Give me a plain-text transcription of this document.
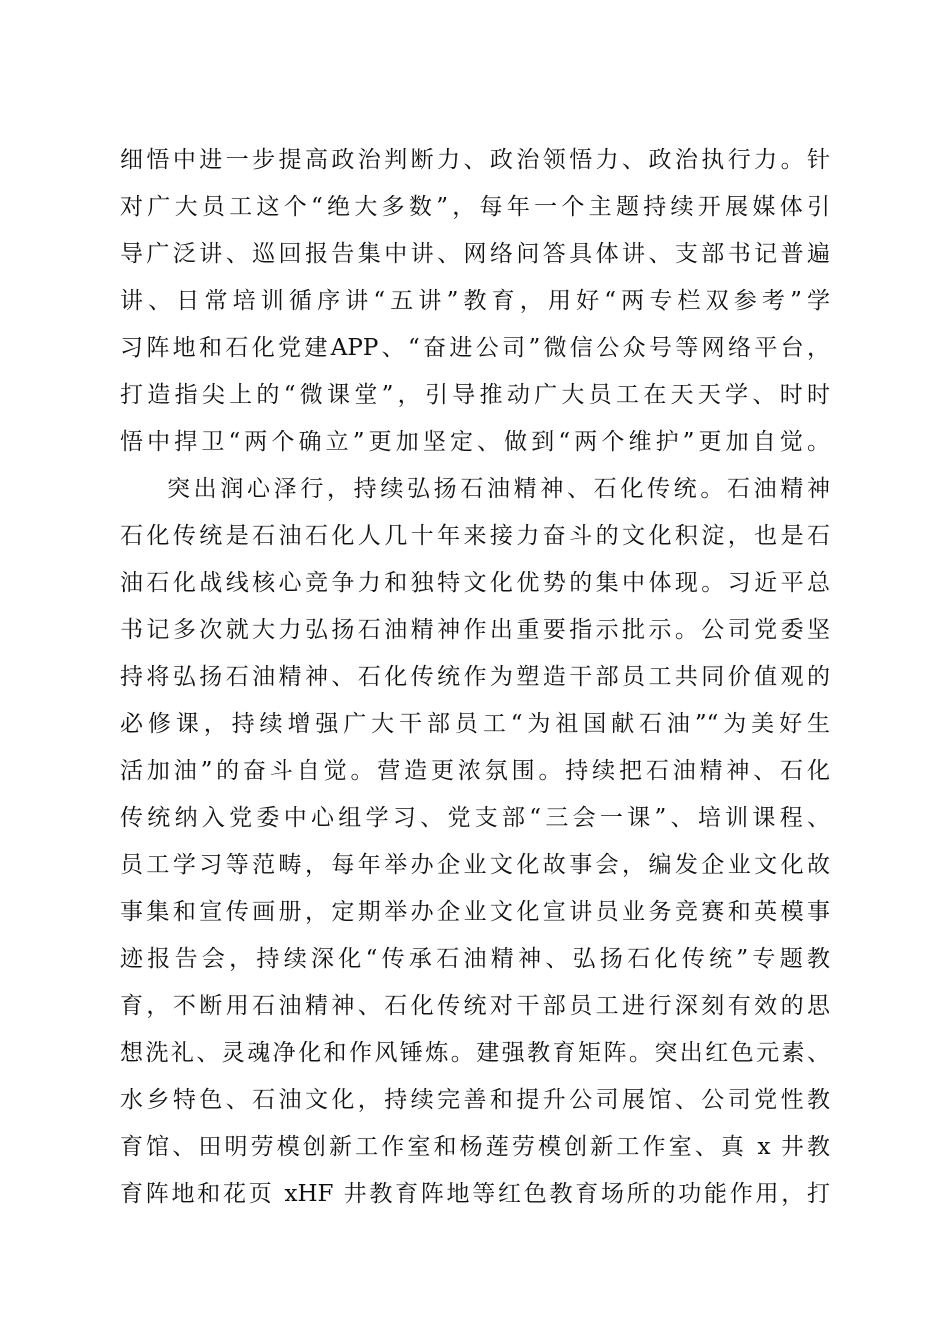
细悟中进一步提高政治判断力、政治领悟力、政治执行力。针
对广大员工这个“绝大多数”，每年一个主题持续开展媒体引
导广泛讲、巡回报告集中讲、网络问答具体讲、支部书记普遍
讲、日常培训循序讲“五讲”教育，用好“两专栏双参考”学
习阵地和石化党建APP、“奋进公司”微信公众号等网络平台，
打造指尖上的“微课堂”，引导推动广大员工在天天学、时时
悟中捍卫“两个确立”更加坚定、做到“两个维护”更加自觉。
突出润心泽行，持续弘扬石油精神、石化传统。石油精神
石化传统是石油石化人几十年来接力奋斗的文化积淀，也是石
油石化战线核心竞争力和独特文化优势的集中体现。习近平总
书记多次就大力弘扬石油精神作出重要指示批示。公司党委坚
持将弘扬石油精神、石化传统作为塑造干部员工共同价值观的
必修课，持续增强广大干部员工“为祖国献石油”“为美好生
活加油”的奋斗自觉。营造更浓氛围。持续把石油精神、石化
传统纳入党委中心组学习、党支部“三会一课”、培训课程、
员工学习等范畴，每年举办企业文化故事会，编发企业文化故
事集和宣传画册，定期举办企业文化宣讲员业务竞赛和英模事
迹报告会，持续深化“传承石油精神、弘扬石化传统”专题教
育，不断用石油精神、石化传统对干部员工进行深刻有效的思
想洗礼、灵魂净化和作风锤炼。建强教育矩阵。突出红色元素、
水乡特色、石油文化，持续完善和提升公司展馆、公司党性教
育馆、田明劳模创新工作室和杨莲劳模创新工作室、真 x 井教
育阵地和花页 xHF 井教育阵地等红色教育场所的功能作用，打
